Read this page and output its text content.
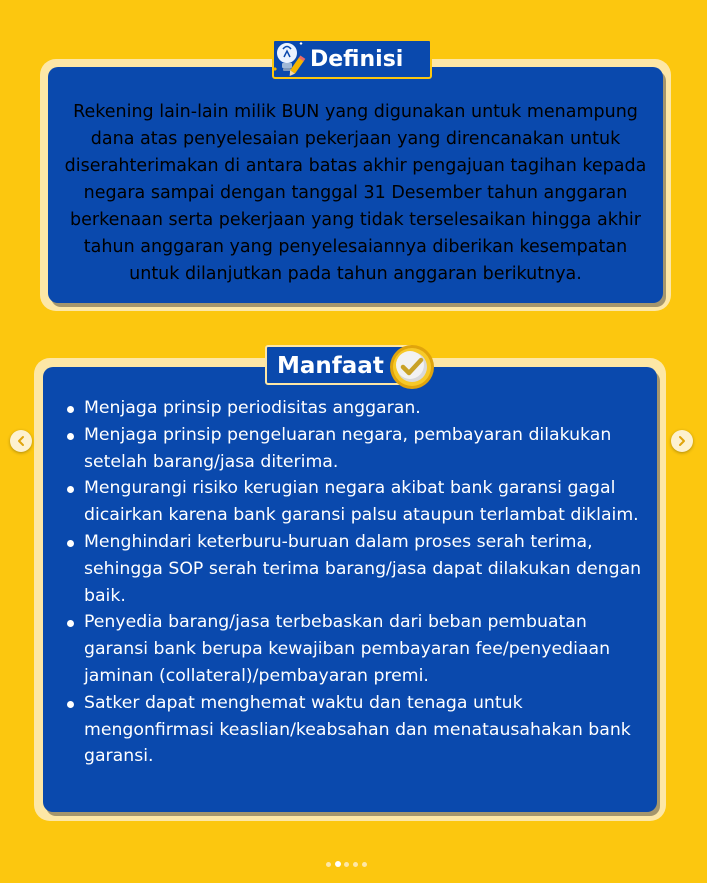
Rekening lain-lain milik BUN yang digunakan untuk menampung dana atas penyelesaian pekerjaan yang direncanakan untuk diserahterimakan di antara batas akhir pengajuan tagihan kepada negara sampai dengan tanggal 31 Desember tahun anggaran berkenaan serta pekerjaan yang tidak terselesaikan hingga akhir tahun anggaran yang penyelesaiannya diberikan kesempatan untuk dilanjutkan pada tahun anggaran berikutnya.

Definisi
Manfaat
Menjaga prinsip periodisitas anggaran.
Menjaga prinsip pengeluaran negara, pembayaran dilakukan setelah barang/jasa diterima.
Mengurangi risiko kerugian negara akibat bank garansi gagal dicairkan karena bank garansi palsu ataupun terlambat diklaim.
Menghindari keterburu-buruan dalam proses serah terima, sehingga SOP serah terima barang/jasa dapat dilakukan dengan baik.
Penyedia barang/jasa terbebaskan dari beban pembuatan garansi bank berupa kewajiban pembayaran fee/penyediaan jaminan (collateral)/pembayaran premi.
Satker dapat menghemat waktu dan tenaga untuk mengonfirmasi keaslian/keabsahan dan menatausahakan bank garansi.
